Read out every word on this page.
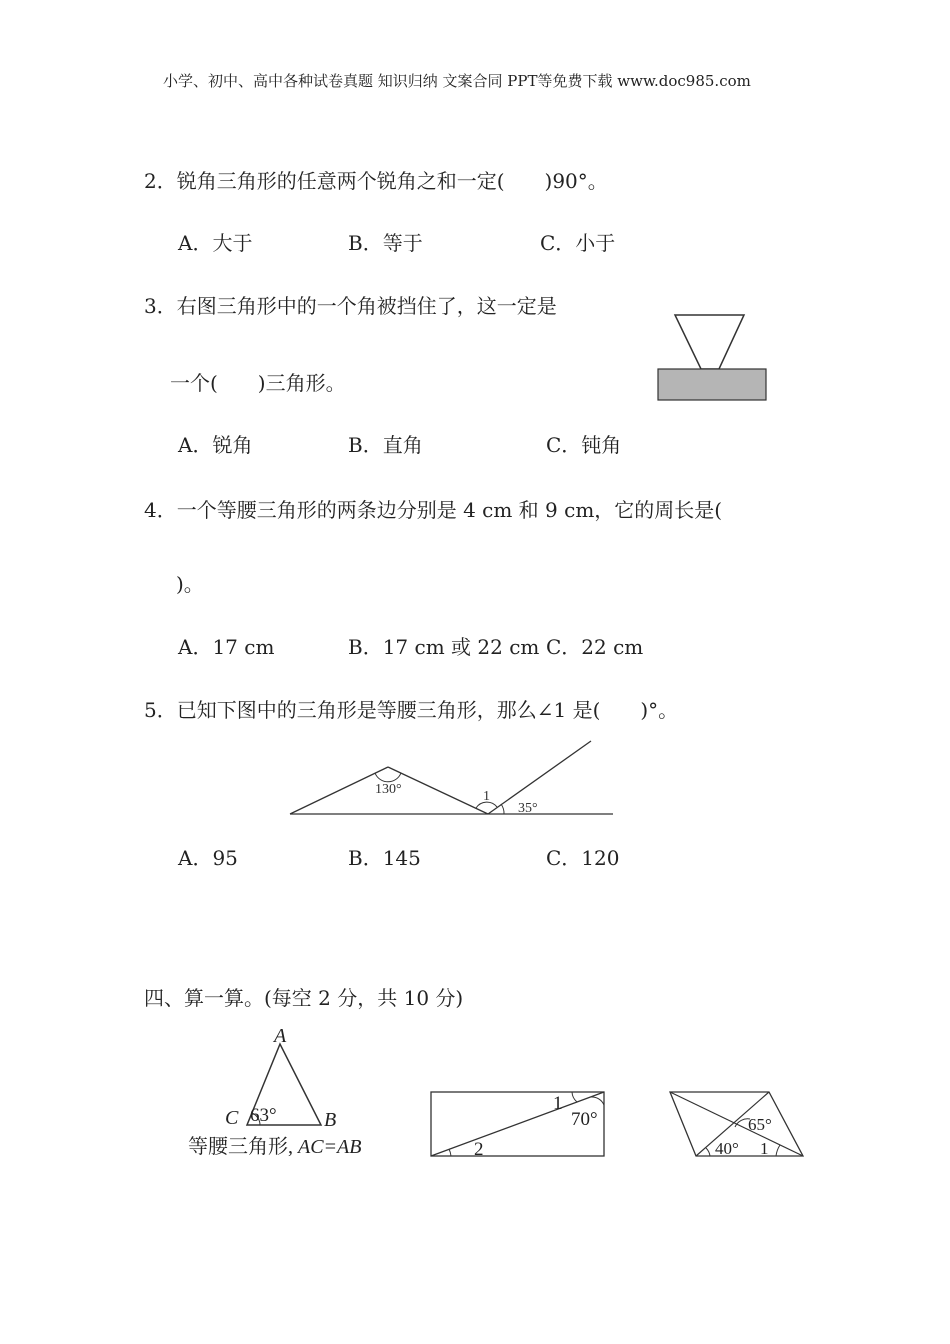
小学、初中、高中各种试卷真题 知识归纳 文案合同 PPT等免费下载 www.doc985.com
2．锐角三角形的任意两个锐角之和一定(　　)90°。
A．大于	B．等于	C．小于
3．右图三角形中的一个角被挡住了，这一定是
一个(　　)三角形。
A．锐角	B．直角	C．钝角
4．一个等腰三角形的两条边分别是 4 cm 和 9 cm，它的周长是(
)。
A．17 cm	B．17 cm 或 22 cm C．22 cm
5．已知下图中的三角形是等腰三角形，那么∠1 是(　　)°。
130°	1
35°
A．95	B．145	C．120
四、算一算。(每空 2 分，共 10 分)
A
C	B
63°
等腰三角形, AC=AB
1
70°
2
65°
40° 1
